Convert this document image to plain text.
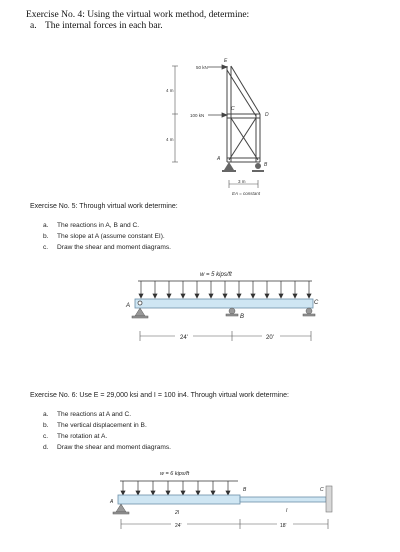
Exercise No. 4: Using the virtual work method, determine:
a. The internal forces in each bar.
50 kN
100 kN
4 m
4 m
E
C
D
A
B
3 m
EA = constant
Exercise No. 5: Through virtual work determine:
a.	The reactions in A, B and C.
b.	The slope at A (assume constant EI).
c.	Draw the shear and moment diagrams.
w = 5 kips/ft
A
B
C
24'	20'
Exercise No. 6: Use E = 29,000 ksi and I = 100 in4. Through virtual work determine:
a.	The reactions at A and C.
b.	The vertical displacement in B.
c.	The rotation at A.
d.	Draw the shear and moment diagrams.
w = 6 kips/ft
B	C
A
2I	I
24'	18'
